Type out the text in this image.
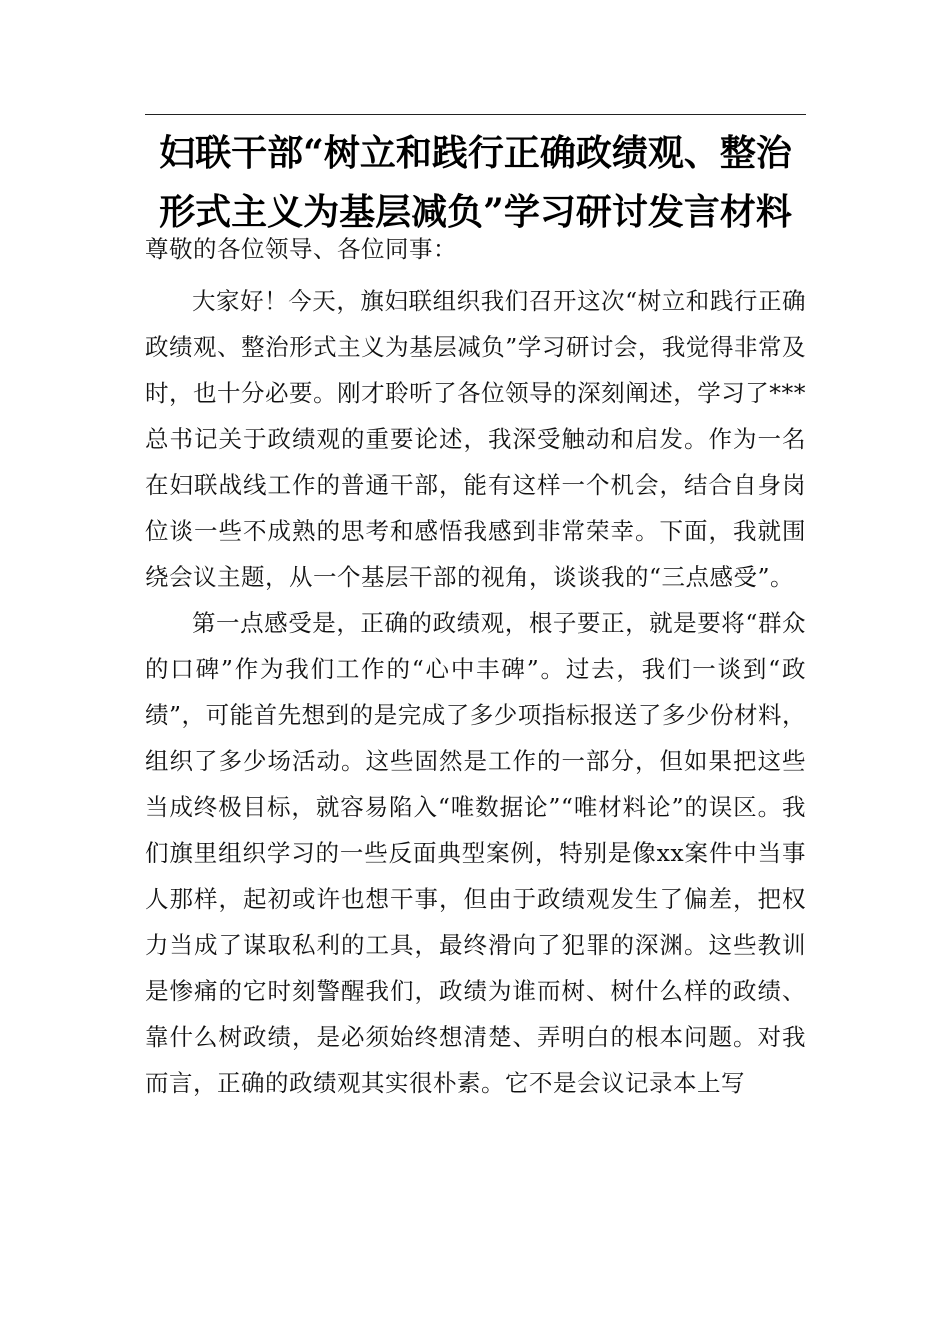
妇联干部“树立和践行正确政绩观、整治
形式主义为基层减负”学习研讨发言材料

尊敬的各位领导、各位同事：

大家好！今天，旗妇联组织我们召开这次“树立和践行正确政绩观、整治形式主义为基层减负”学习研讨会，我觉得非常及时，也十分必要。刚才聆听了各位领导的深刻阐述，学习了***总书记关于政绩观的重要论述，我深受触动和启发。作为一名在妇联战线工作的普通干部，能有这样一个机会，结合自身岗位谈一些不成熟的思考和感悟我感到非常荣幸。下面，我就围绕会议主题，从一个基层干部的视角，谈谈我的“三点感受”。

第一点感受是，正确的政绩观，根子要正，就是要将“群众的口碑”作为我们工作的“心中丰碑”。过去，我们一谈到“政绩”，可能首先想到的是完成了多少项指标报送了多少份材料，组织了多少场活动。这些固然是工作的一部分，但如果把这些当成终极目标，就容易陷入“唯数据论”“唯材料论”的误区。我们旗里组织学习的一些反面典型案例，特别是像xx案件中当事人那样，起初或许也想干事，但由于政绩观发生了偏差，把权力当成了谋取私利的工具，最终滑向了犯罪的深渊。这些教训是惨痛的它时刻警醒我们，政绩为谁而树、树什么样的政绩、靠什么树政绩，是必须始终想清楚、弄明白的根本问题。对我而言，正确的政绩观其实很朴素。它不是会议记录本上写
